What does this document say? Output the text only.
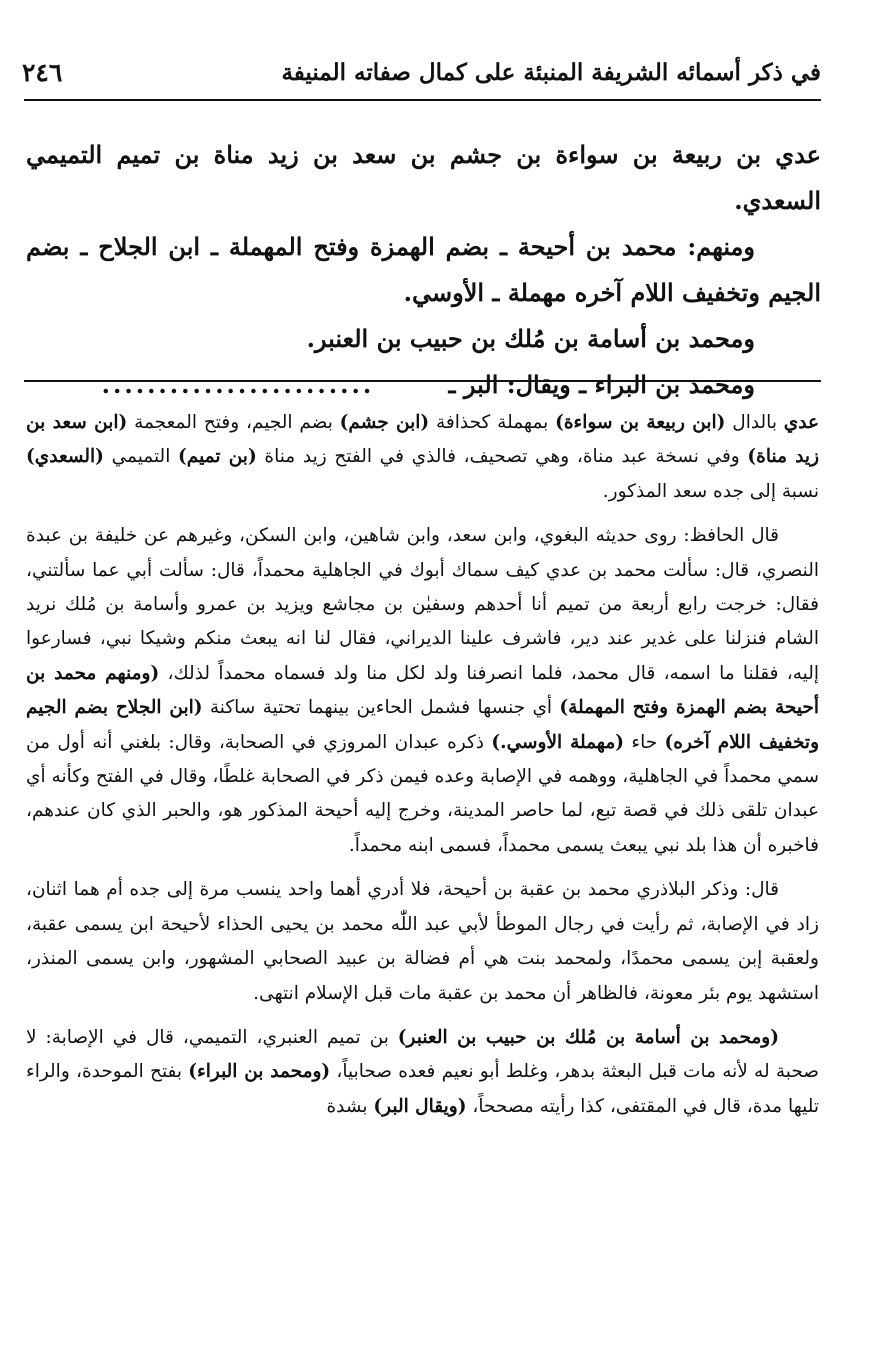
في ذكر أسمائه الشريفة المنبئة على كمال صفاته المنيفة
٢٤٦

عدي بن ربيعة بن سواءة بن جشم بن سعد بن زيد مناة بن تميم التميمي السعدي.

ومنهم: محمد بن أحيحة ـ بضم الهمزة وفتح المهملة ـ ابن الجلاح ـ بضم الجيم وتخفيف اللام آخره مهملة ـ الأوسي.

ومحمد بن أسامة بن مُلك بن حبيب بن العنبر.

ومحمد بن البراء ـ ويقال: البر ـ ........................

عدي بالدال (ابن ربيعة بن سواءة) بمهملة كحذافة (ابن جشم) بضم الجيم، وفتح المعجمة (ابن سعد بن زيد مناة) وفي نسخة عبد مناة، وهي تصحيف، فالذي في الفتح زيد مناة (بن تميم) التميمي (السعدي) نسبة إلى جده سعد المذكور.

قال الحافظ: روى حديثه البغوي، وابن سعد، وابن شاهين، وابن السكن، وغيرهم عن خليفة بن عبدة النصري، قال: سألت محمد بن عدي كيف سماك أبوك في الجاهلية محمداً، قال: سألت أبي عما سألتني، فقال: خرجت رابع أربعة من تميم أنا أحدهم وسفيٰن بن مجاشع ويزيد بن عمرو وأسامة بن مُلك نريد الشام فنزلنا على غدير عند دير، فاشرف علينا الديراني، فقال لنا انه يبعث منكم وشيكا نبي، فسارعوا إليه، فقلنا ما اسمه، قال محمد، فلما انصرفنا ولد لكل منا ولد فسماه محمداً لذلك، (ومنهم محمد بن أحيحة بضم الهمزة وفتح المهملة) أي جنسها فشمل الحاءين بينهما تحتية ساكنة (ابن الجلاح بضم الجيم وتخفيف اللام آخره) حاء (مهملة الأوسي.) ذكره عبدان المروزي في الصحابة، وقال: بلغني أنه أول من سمي محمداً في الجاهلية، ووهمه في الإصابة وعده فيمن ذكر في الصحابة غلطًا، وقال في الفتح وكأنه أي عبدان تلقى ذلك في قصة تبع، لما حاصر المدينة، وخرج إليه أحيحة المذكور هو، والحبر الذي كان عندهم، فاخبره أن هذا بلد نبي يبعث يسمى محمداً، فسمى ابنه محمداً.

قال: وذكر البلاذري محمد بن عقبة بن أحيحة، فلا أدري أهما واحد ينسب مرة إلى جده أم هما اثنان، زاد في الإصابة، ثم رأيت في رجال الموطأ لأبي عبد اللّٰه محمد بن يحيى الحذاء لأحيحة ابن يسمى عقبة، ولعقبة إبن يسمى محمدًا، ولمحمد بنت هي أم فضالة بن عبيد الصحابي المشهور، وابن يسمى المنذر، استشهد يوم بئر معونة، فالظاهر أن محمد بن عقبة مات قبل الإسلام انتهى.

(ومحمد بن أسامة بن مُلك بن حبيب بن العنبر) بن تميم العنبري، التميمي، قال في الإصابة: لا صحبة له لأنه مات قبل البعثة بدهر، وغلط أبو نعيم فعده صحابياً، (ومحمد بن البراء) بفتح الموحدة، والراء تليها مدة، قال في المقتفى، كذا رأيته مصححاً، (ويقال البر) بشدة
